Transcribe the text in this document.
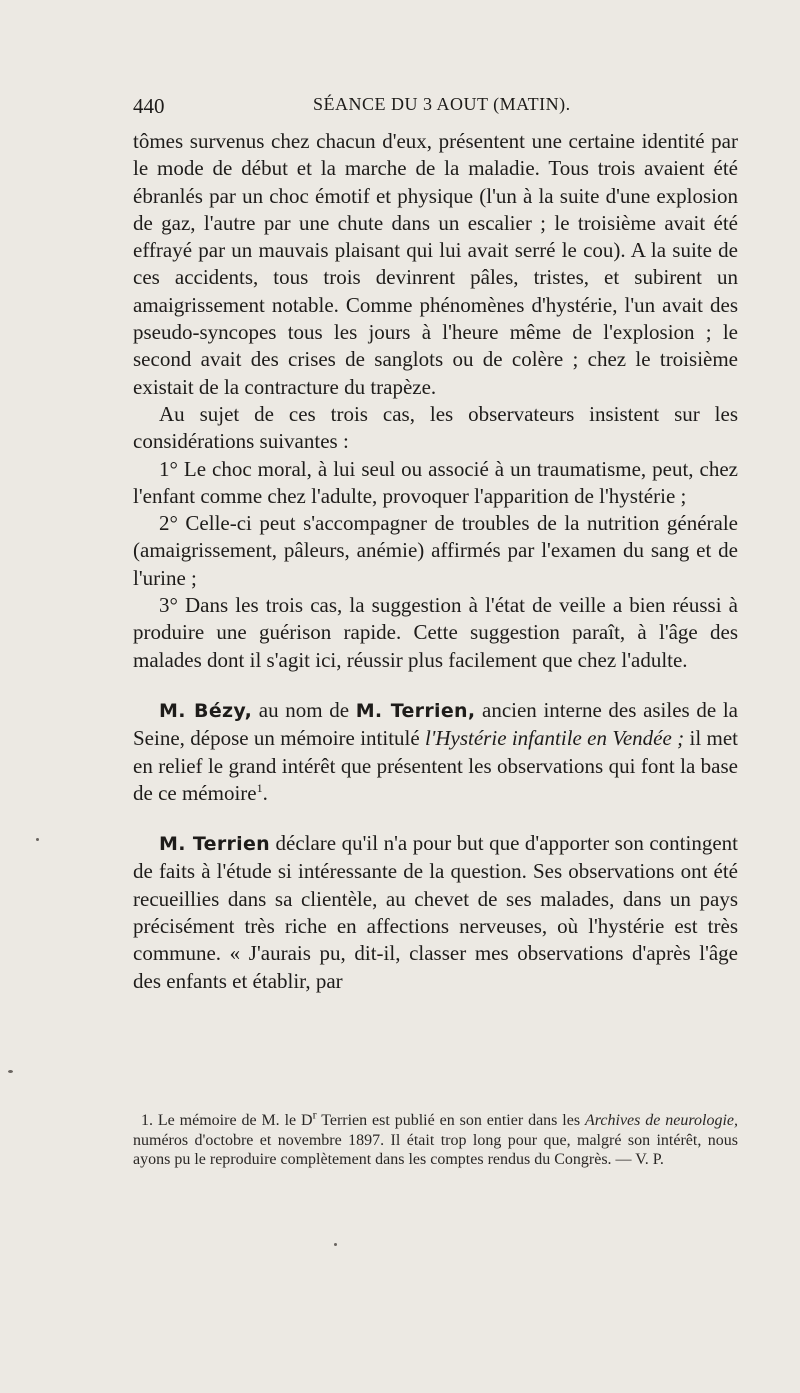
440	SÉANCE DU 3 AOUT (MATIN).

tômes survenus chez chacun d'eux, présentent une certaine identité par le mode de début et la marche de la maladie. Tous trois avaient été ébranlés par un choc émotif et physique (l'un à la suite d'une explosion de gaz, l'autre par une chute dans un escalier ; le troisième avait été effrayé par un mauvais plaisant qui lui avait serré le cou). A la suite de ces accidents, tous trois devinrent pâles, tristes, et subirent un amaigrissement notable. Comme phénomènes d'hystérie, l'un avait des pseudo-syncopes tous les jours à l'heure même de l'explosion ; le second avait des crises de sanglots ou de colère ; chez le troisième existait de la contracture du trapèze.

Au sujet de ces trois cas, les observateurs insistent sur les considérations suivantes :

1° Le choc moral, à lui seul ou associé à un traumatisme, peut, chez l'enfant comme chez l'adulte, provoquer l'apparition de l'hystérie ;

2° Celle-ci peut s'accompagner de troubles de la nutrition générale (amaigrissement, pâleurs, anémie) affirmés par l'examen du sang et de l'urine ;

3° Dans les trois cas, la suggestion à l'état de veille a bien réussi à produire une guérison rapide. Cette suggestion paraît, à l'âge des malades dont il s'agit ici, réussir plus facilement que chez l'adulte.

M. Bézy, au nom de M. Terrien, ancien interne des asiles de la Seine, dépose un mémoire intitulé l'Hystérie infantile en Vendée ; il met en relief le grand intérêt que présentent les observations qui font la base de ce mémoire$^1$.

M. Terrien déclare qu'il n'a pour but que d'apporter son contingent de faits à l'étude si intéressante de la question. Ses observations ont été recueillies dans sa clientèle, au chevet de ses malades, dans un pays précisément très riche en affections nerveuses, où l'hystérie est très commune. « J'aurais pu, dit-il, classer mes observations d'après l'âge des enfants et établir, par

1. Le mémoire de M. le $D^r$ Terrien est publié en son entier dans les Archives de neurologie, numéros d'octobre et novembre 1897. Il était trop long pour que, malgré son intérêt, nous ayons pu le reproduire complètement dans les comptes rendus du Congrès. — V. P.
